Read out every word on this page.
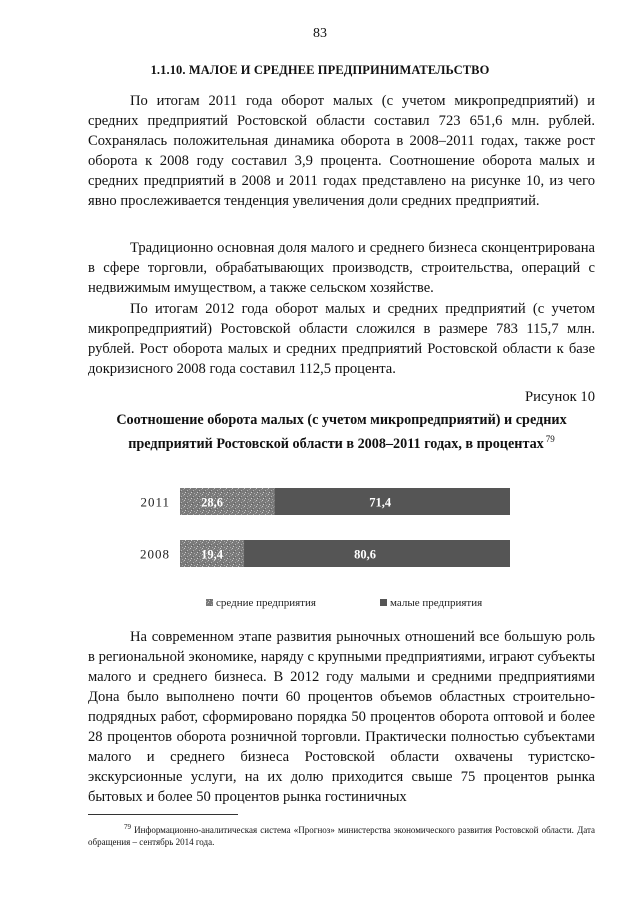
83
1.1.10. МАЛОЕ И СРЕДНЕЕ ПРЕДПРИНИМАТЕЛЬСТВО

По итогам 2011 года оборот малых (с учетом микропредприятий) и средних предприятий Ростовской области составил 723 651,6 млн. рублей. Сохранялась положительная динамика оборота в 2008–2011 годах, также рост оборота к 2008 году составил 3,9 процента. Соотношение оборота малых и средних предприятий в 2008 и 2011 годах представлено на рисунке 10, из чего явно прослеживается тенденция увеличения доли средних предприятий.

Традиционно основная доля малого и среднего бизнеса сконцентрирована в сфере торговли, обрабатывающих производств, строительства, операций с недвижимым имуществом, а также сельском хозяйстве.

По итогам 2012 года оборот малых и средних предприятий (с учетом микропредприятий) Ростовской области сложился в размере 783 115,7 млн. рублей. Рост оборота малых и средних предприятий Ростовской области к базе докризисного 2008 года составил 112,5 процента.

Рисунок 10
Соотношение оборота малых (с учетом микропредприятий) и средних предприятий Ростовской области в 2008–2011 годах, в процентах $^{79}$
2011 28,6	71,4
2008 19,4	80,6
средние предприятия	малые предприятия

На современном этапе развития рыночных отношений все большую роль в региональной экономике, наряду с крупными предприятиями, играют субъекты малого и среднего бизнеса. В 2012 году малыми и средними предприятиями Дона было выполнено почти 60 процентов объемов областных строительно-подрядных работ, сформировано порядка 50 процентов оборота оптовой и более 28 процентов оборота розничной торговли. Практически полностью субъектами малого и среднего бизнеса Ростовской области охвачены туристско-экскурсионные услуги, на их долю приходится свыше 75 процентов рынка бытовых и более 50 процентов рынка гостиничных

$^{79}$ Информационно-аналитическая система «Прогноз» министерства экономического развития Ростовской области. Дата обращения – сентябрь 2014 года.
